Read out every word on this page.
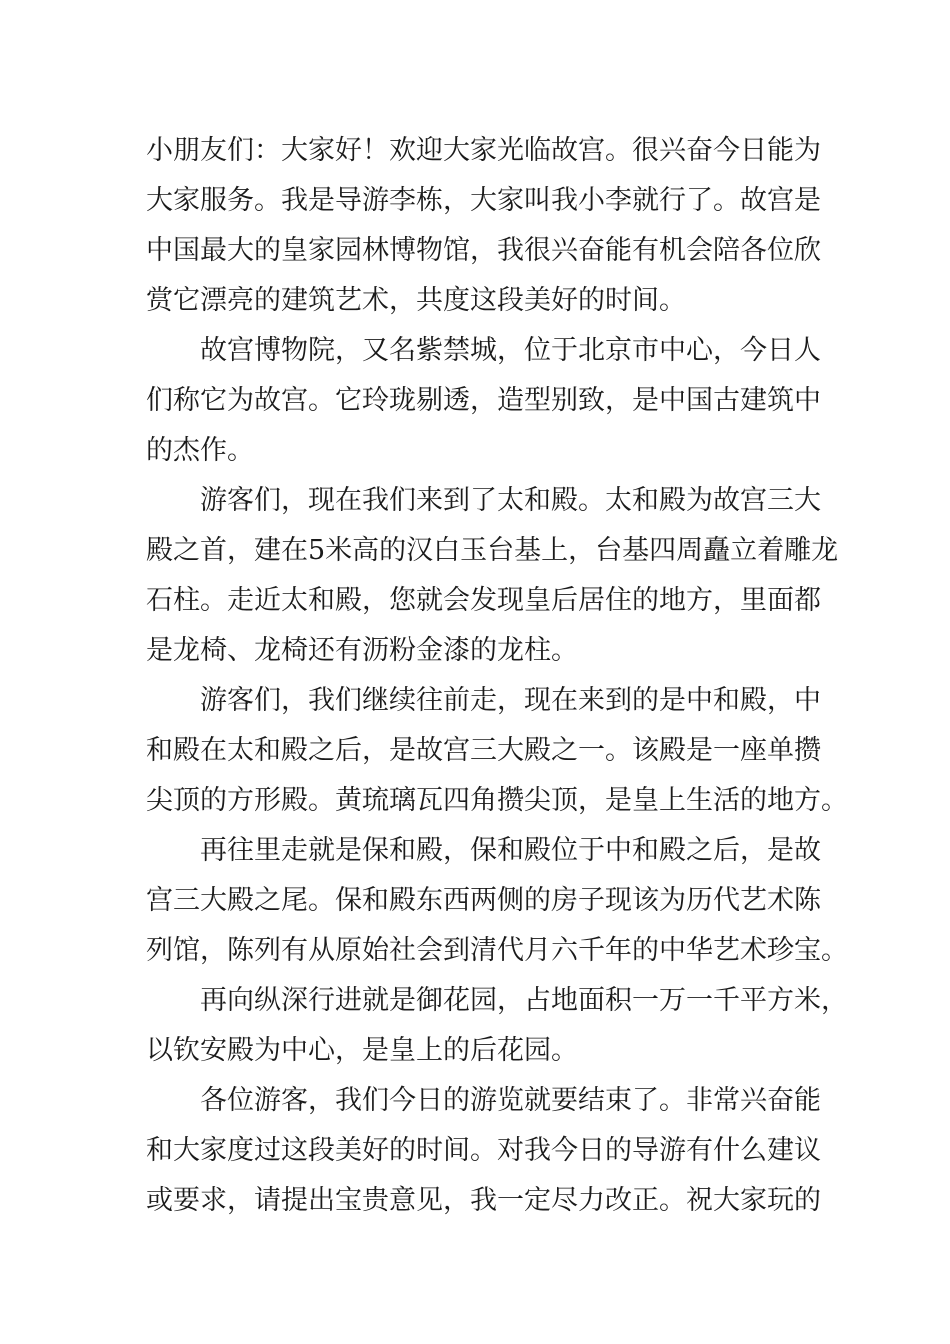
小朋友们：大家好！欢迎大家光临故宫。很兴奋今日能为
大家服务。我是导游李栋，大家叫我小李就行了。故宫是
中国最大的皇家园林博物馆，我很兴奋能有机会陪各位欣
赏它漂亮的建筑艺术，共度这段美好的时间。
故宫博物院，又名紫禁城，位于北京市中心，今日人
们称它为故宫。它玲珑剔透，造型别致，是中国古建筑中
的杰作。
游客们，现在我们来到了太和殿。太和殿为故宫三大
殿之首，建在5米高的汉白玉台基上，台基四周矗立着雕龙
石柱。走近太和殿，您就会发现皇后居住的地方，里面都
是龙椅、龙椅还有沥粉金漆的龙柱。
游客们，我们继续往前走，现在来到的是中和殿，中
和殿在太和殿之后，是故宫三大殿之一。该殿是一座单攒
尖顶的方形殿。黄琉璃瓦四角攒尖顶，是皇上生活的地方。
再往里走就是保和殿，保和殿位于中和殿之后，是故
宫三大殿之尾。保和殿东西两侧的房子现该为历代艺术陈
列馆，陈列有从原始社会到清代月六千年的中华艺术珍宝。
再向纵深行进就是御花园，占地面积一万一千平方米，
以钦安殿为中心，是皇上的后花园。
各位游客，我们今日的游览就要结束了。非常兴奋能
和大家度过这段美好的时间。对我今日的导游有什么建议
或要求，请提出宝贵意见，我一定尽力改正。祝大家玩的
